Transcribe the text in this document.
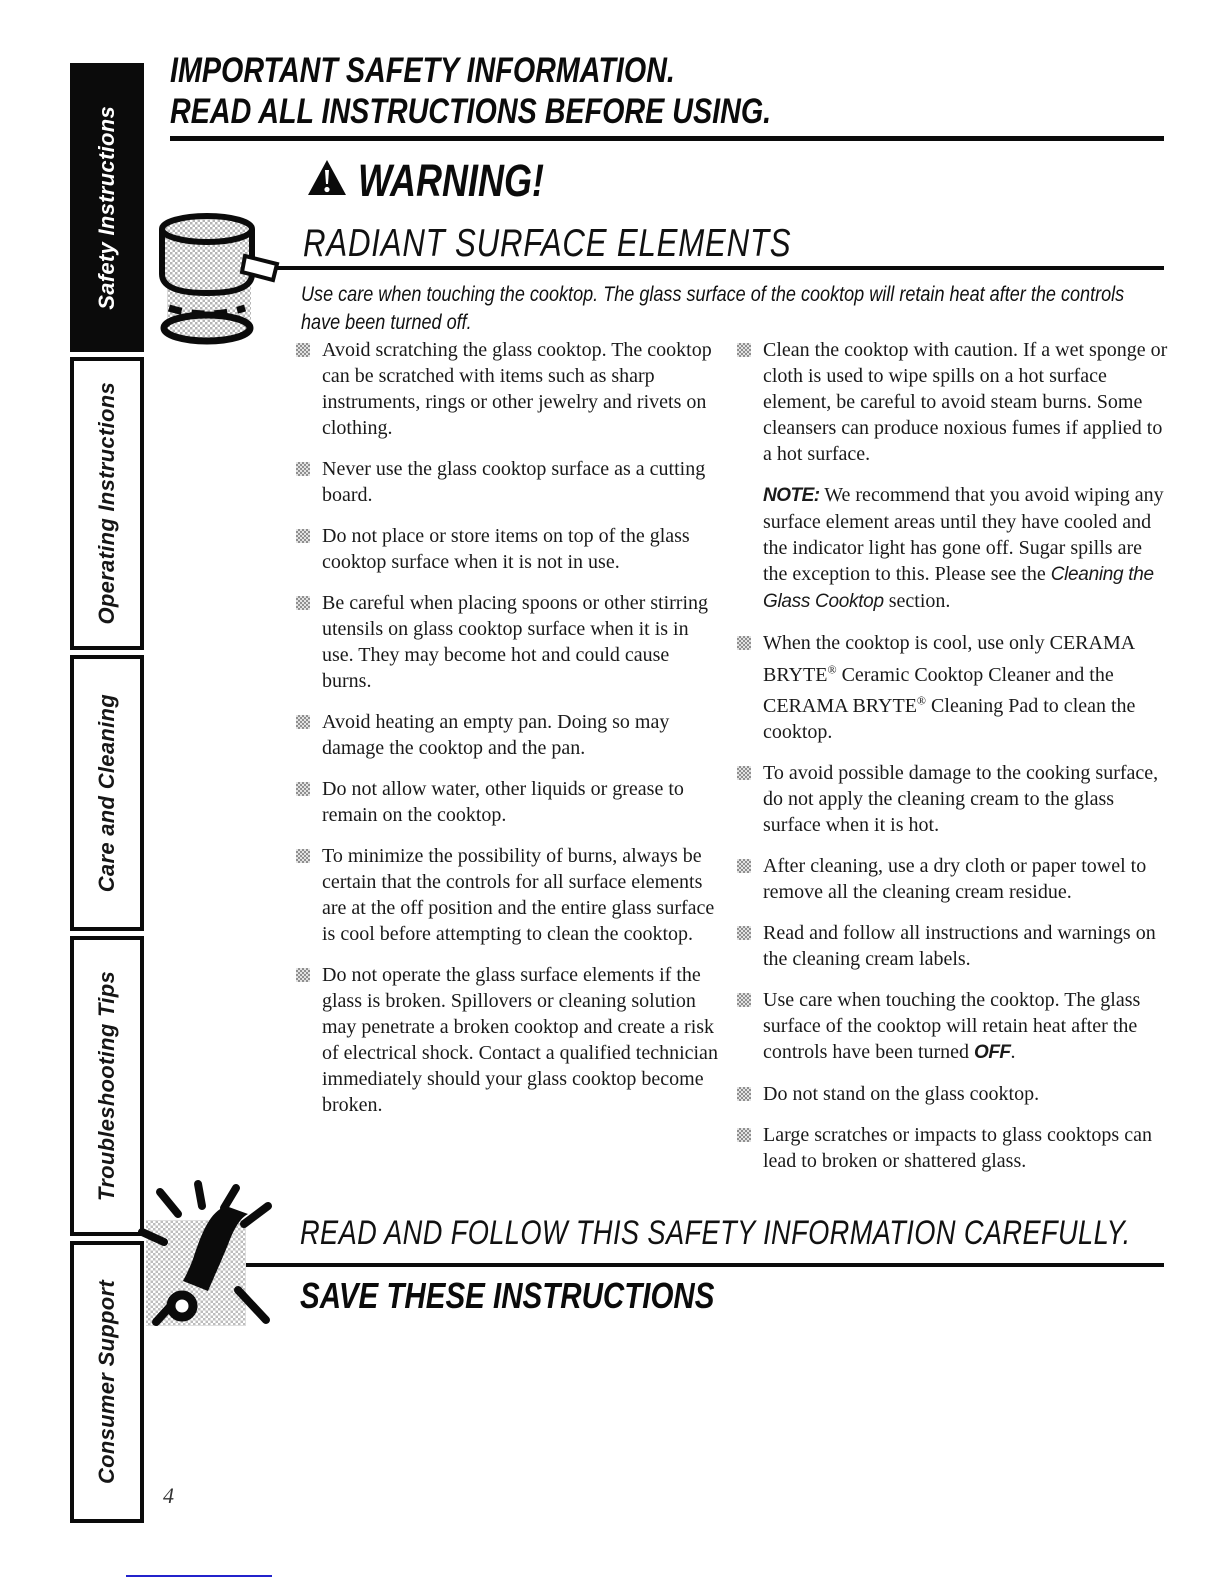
Safety Instructions
Operating Instructions
Care and Cleaning
Troubleshooting Tips
Consumer Support
IMPORTANT SAFETY INFORMATION.
READ ALL INSTRUCTIONS BEFORE USING.
WARNING!
RADIANT SURFACE ELEMENTS

Use care when touching the cooktop. The glass surface of the cooktop will retain heat after the controls have been turned off.

Avoid scratching the glass cooktop. The cooktop can be scratched with items such as sharp instruments, rings or other jewelry and rivets on clothing.

Never use the glass cooktop surface as a cutting board.

Do not place or store items on top of the glass cooktop surface when it is not in use.

Be careful when placing spoons or other stirring utensils on glass cooktop surface when it is in use. They may become hot and could cause burns.

Avoid heating an empty pan. Doing so may damage the cooktop and the pan.

Do not allow water, other liquids or grease to remain on the cooktop.

To minimize the possibility of burns, always be certain that the controls for all surface elements are at the off position and the entire glass surface is cool before attempting to clean the cooktop.

Do not operate the glass surface elements if the glass is broken. Spillovers or cleaning solution may penetrate a broken cooktop and create a risk of electrical shock. Contact a qualified technician immediately should your glass cooktop become broken.

Clean the cooktop with caution. If a wet sponge or cloth is used to wipe spills on a hot surface element, be careful to avoid steam burns. Some cleansers can produce noxious fumes if applied to a hot surface.

NOTE: We recommend that you avoid wiping any surface element areas until they have cooled and the indicator light has gone off. Sugar spills are the exception to this. Please see the Cleaning the Glass Cooktop section.

When the cooktop is cool, use only CERAMA BRYTE® Ceramic Cooktop Cleaner and the CERAMA BRYTE® Cleaning Pad to clean the cooktop.

To avoid possible damage to the cooking surface, do not apply the cleaning cream to the glass surface when it is hot.

After cleaning, use a dry cloth or paper towel to remove all the cleaning cream residue.

Read and follow all instructions and warnings on the cleaning cream labels.

Use care when touching the cooktop. The glass surface of the cooktop will retain heat after the controls have been turned OFF.

Do not stand on the glass cooktop.

Large scratches or impacts to glass cooktops can lead to broken or shattered glass.

READ AND FOLLOW THIS SAFETY INFORMATION CAREFULLY.
SAVE THESE INSTRUCTIONS
4
